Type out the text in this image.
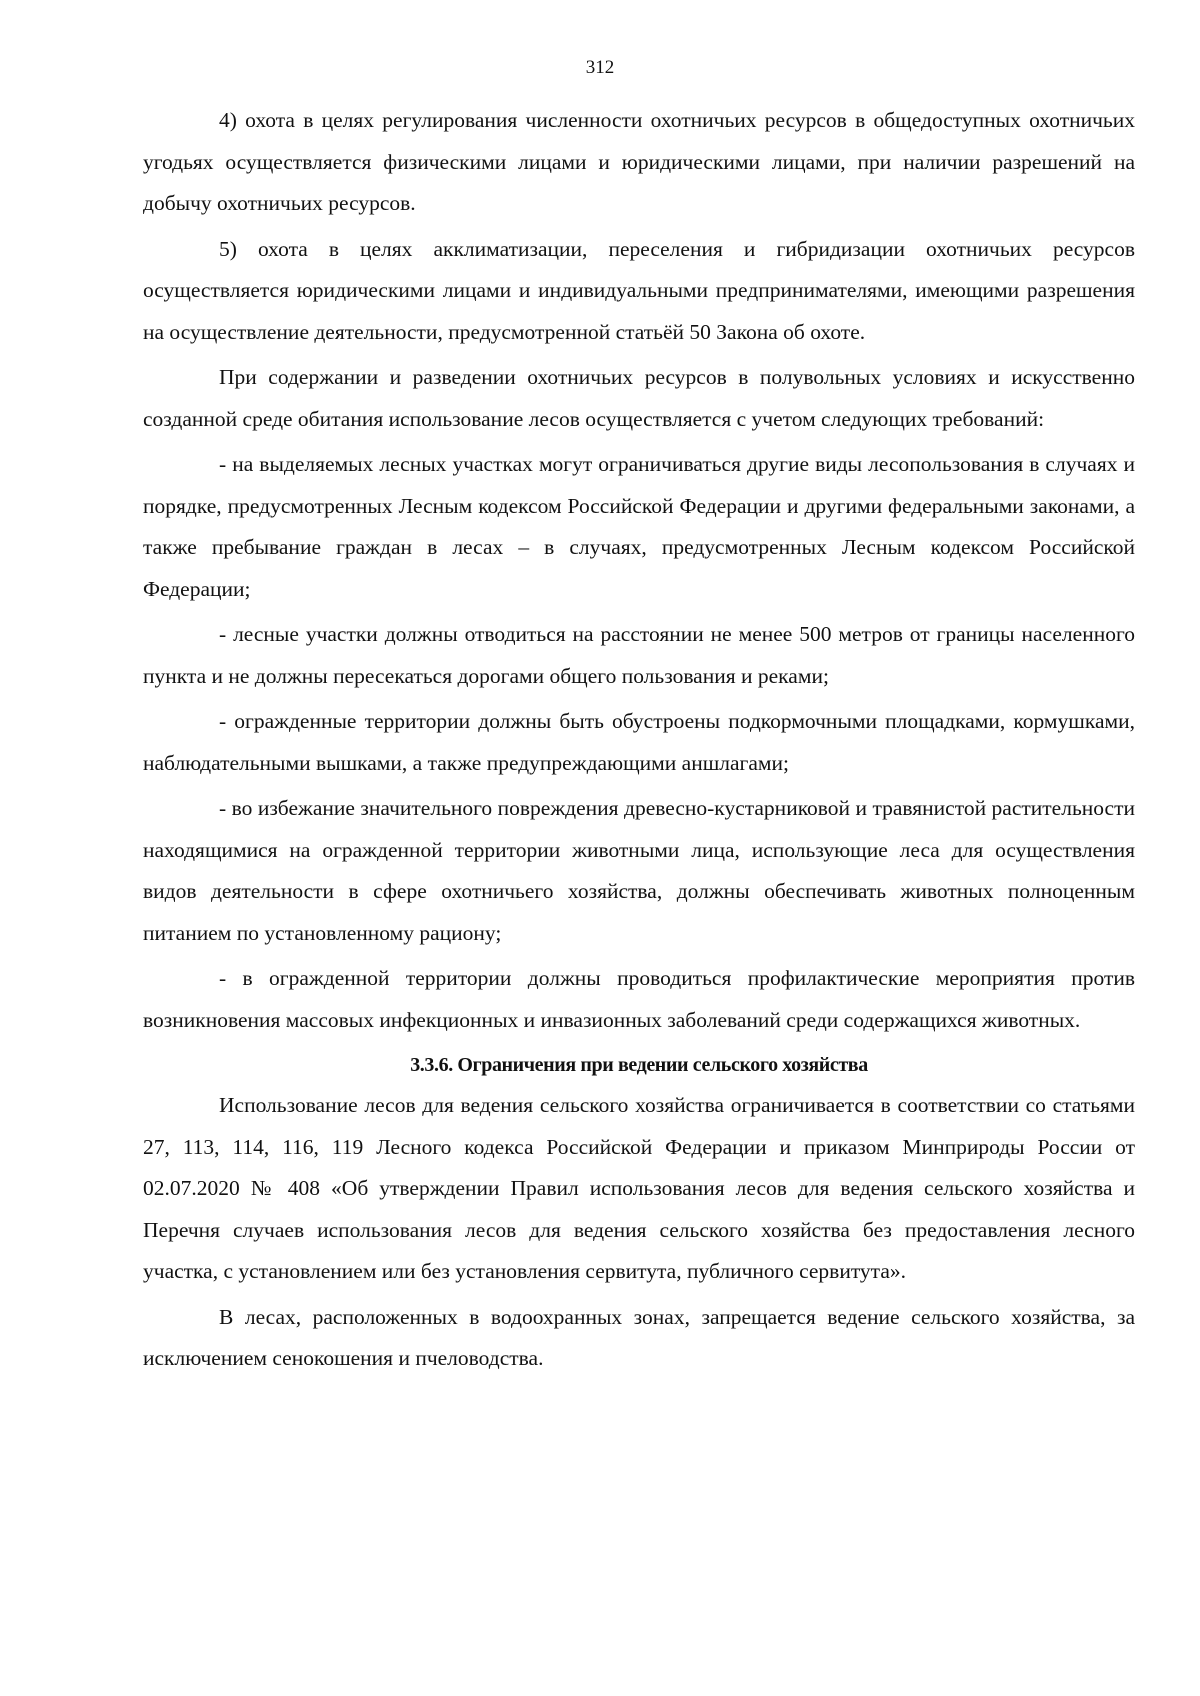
312

4) охота в целях регулирования численности охотничьих ресурсов в общедоступных охотничьих угодьях осуществляется физическими лицами и юридическими лицами, при наличии разрешений на добычу охотничьих ресурсов.

5) охота в целях акклиматизации, переселения и гибридизации охотничьих ресурсов осуществляется юридическими лицами и индивидуальными предпринимателями, имеющими разрешения на осуществление деятельности, предусмотренной статьёй 50 Закона об охоте.

При содержании и разведении охотничьих ресурсов в полувольных условиях и искусственно созданной среде обитания использование лесов осуществляется с учетом следующих требований:

- на выделяемых лесных участках могут ограничиваться другие виды лесопользования в случаях и порядке, предусмотренных Лесным кодексом Российской Федерации и другими федеральными законами, а также пребывание граждан в лесах – в случаях, предусмотренных Лесным кодексом Российской Федерации;

- лесные участки должны отводиться на расстоянии не менее 500 метров от границы населенного пункта и не должны пересекаться дорогами общего пользования и реками;

- огражденные территории должны быть обустроены подкормочными площадками, кормушками, наблюдательными вышками, а также предупреждающими аншлагами;

- во избежание значительного повреждения древесно-кустарниковой и травянистой растительности находящимися на огражденной территории животными лица, использующие леса для осуществления видов деятельности в сфере охотничьего хозяйства, должны обеспечивать животных полноценным питанием по установленному рациону;

- в огражденной территории должны проводиться профилактические мероприятия против возникновения массовых инфекционных и инвазионных заболеваний среди содержащихся животных.

3.3.6. Ограничения при ведении сельского хозяйства

Использование лесов для ведения сельского хозяйства ограничивается в соответствии со статьями 27, 113, 114, 116, 119 Лесного кодекса Российской Федерации и приказом Минприроды России от 02.07.2020 № 408 «Об утверждении Правил использования лесов для ведения сельского хозяйства и Перечня случаев использования лесов для ведения сельского хозяйства без предоставления лесного участка, с установлением или без установления сервитута, публичного сервитута».

В лесах, расположенных в водоохранных зонах, запрещается ведение сельского хозяйства, за исключением сенокошения и пчеловодства.
